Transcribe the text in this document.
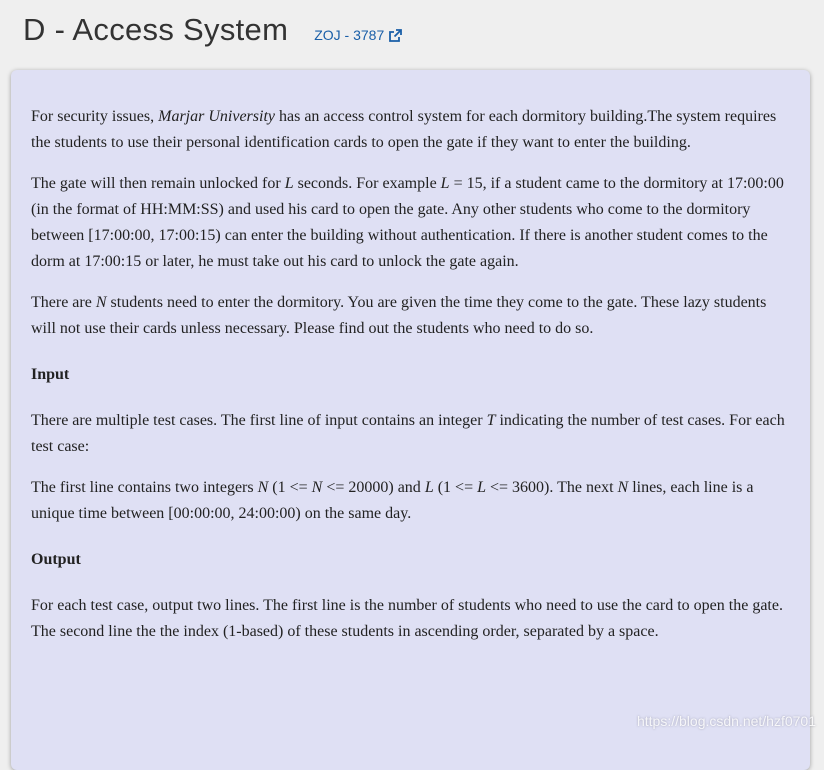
D - Access System ZOJ - 3787

For security issues, Marjar University has an access control system for each dormitory building.The system requires the students to use their personal identification cards to open the gate if they want to enter the building.

The gate will then remain unlocked for L seconds. For example L = 15, if a student came to the dormitory at 17:00:00 (in the format of HH:MM:SS) and used his card to open the gate. Any other students who come to the dormitory between [17:00:00, 17:00:15) can enter the building without authentication. If there is another student comes to the dorm at 17:00:15 or later, he must take out his card to unlock the gate again.

There are N students need to enter the dormitory. You are given the time they come to the gate. These lazy students will not use their cards unless necessary. Please find out the students who need to do so.

Input

There are multiple test cases. The first line of input contains an integer T indicating the number of test cases. For each test case:

The first line contains two integers N (1 <= N <= 20000) and L (1 <= L <= 3600). The next N lines, each line is a unique time between [00:00:00, 24:00:00) on the same day.

Output

For each test case, output two lines. The first line is the number of students who need to use the card to open the gate. The second line the the index (1-based) of these students in ascending order, separated by a space.

https://blog.csdn.net/hzf0701
